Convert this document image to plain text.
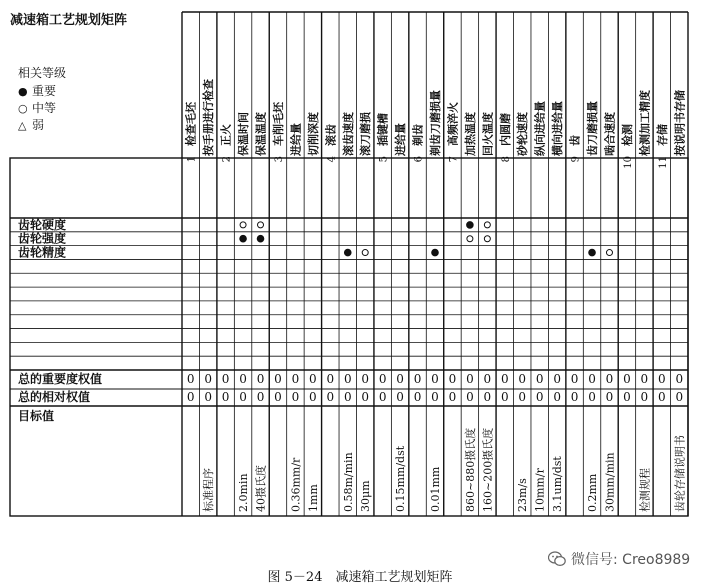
减速箱工艺规划矩阵
相关等级
● 重要
○ 中等
△ 弱
1
检查毛坯 按手册进行检查
2
正火 保温时间 保温温度
3
车削毛坯 进给量 切削深度
4
滚齿 滚齿速度 滚刀磨损
5
插键槽 进给量
6
剃齿 剃齿刀磨损量
7
高频淬火 加热温度 回火温度
8
内圆磨 砂轮速度 纵向进给量 横向进给量
9
齿 齿刀磨损量 啮合速度
10
检测 检测加工精度
11
存储 按说明书存储
齿轮硬度
齿轮强度
齿轮精度
总的重要度权值	0 0 0 0 0 0 0 0 0 0 0 0 0 0 0 0 0 0 0 0 0 0 0 0 0 0 0 0 0
总的相对权值	0 0 0 0 0 0 0 0 0 0 0 0 0 0 0 0 0 0 0 0 0 0 0 0 0 0 0 0 0
目标值
标准程序 2.0min 40摄氏度 0.36mm/r 1mm 0.58m/min 30μm 0.15mm/dst 0.01mm 860~880摄氏度 160~200摄氏度 23m/s 10mm/r 3.1um/dst 0.2mm 30mm/min 检测规程 齿轮存储说明书
微信号: Creo8989
图 5－24　减速箱工艺规划矩阵
